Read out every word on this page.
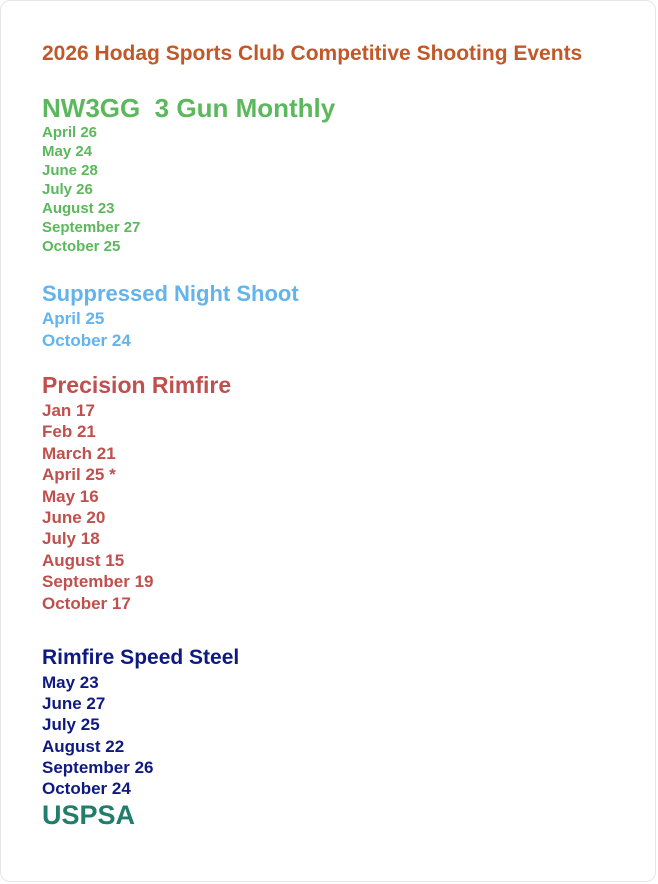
2026 Hodag Sports Club Competitive Shooting Events
NW3GG  3 Gun Monthly
April 26
May 24
June 28
July 26
August 23
September 27
October 25
Suppressed Night Shoot
April 25
October 24
Precision Rimfire
Jan 17
Feb 21
March 21
April 25 *
May 16
June 20
July 18
August 15
September 19
October 17
Rimfire Speed Steel
May 23
June 27
July 25
August 22
September 26
October 24
USPSA
